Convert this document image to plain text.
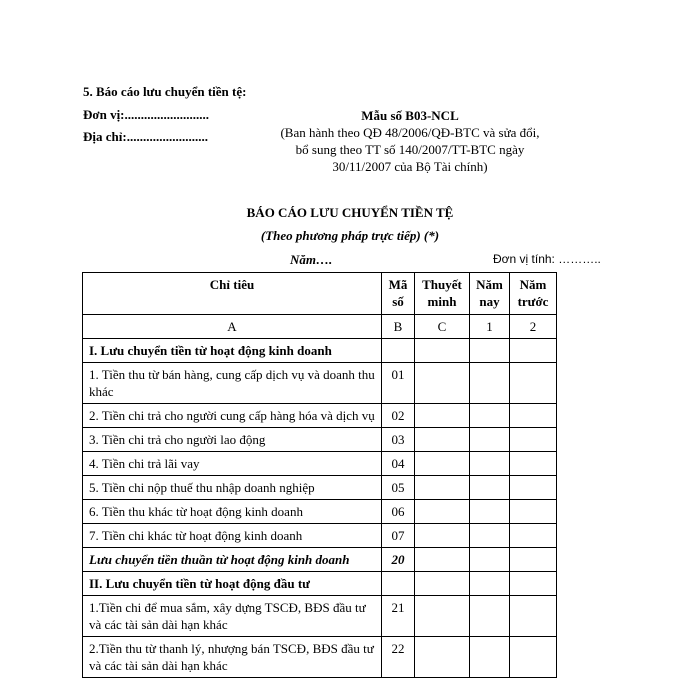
5. Báo cáo lưu chuyển tiền tệ:
Đơn vị:..........................
Địa chỉ:.........................
Mẫu số B03-NCL
(Ban hành theo QĐ 48/2006/QĐ-BTC và sửa đổi,
bổ sung theo TT số 140/2007/TT-BTC ngày
30/11/2007 của Bộ Tài chính)
BÁO CÁO LƯU CHUYỂN TIỀN TỆ
(Theo phương pháp trực tiếp) (*)
Năm….	Đơn vị tính: ………..
Chỉ tiêu	Mã số	Thuyết minh	Năm nay	Năm trước
A	B	C	1	2
I. Lưu chuyển tiền từ hoạt động kinh doanh				
1. Tiền thu từ bán hàng, cung cấp dịch vụ và doanh thu khác	01			
2. Tiền chi trả cho người cung cấp hàng hóa và dịch vụ	02			
3. Tiền chi trả cho người lao động	03			
4. Tiền chi trả lãi vay	04			
5. Tiền chi nộp thuế thu nhập doanh nghiệp	05			
6. Tiền thu khác từ hoạt động kinh doanh	06			
7. Tiền chi khác từ hoạt động kinh doanh	07			
Lưu chuyển tiền thuần từ hoạt động kinh doanh	20			
II. Lưu chuyển tiền từ hoạt động đầu tư				
1.Tiền chi để mua sắm, xây dựng TSCĐ, BĐS đầu tư và các tài sản dài hạn khác	21			
2.Tiền thu từ thanh lý, nhượng bán TSCĐ, BĐS đầu tư và các tài sản dài hạn khác	22			
